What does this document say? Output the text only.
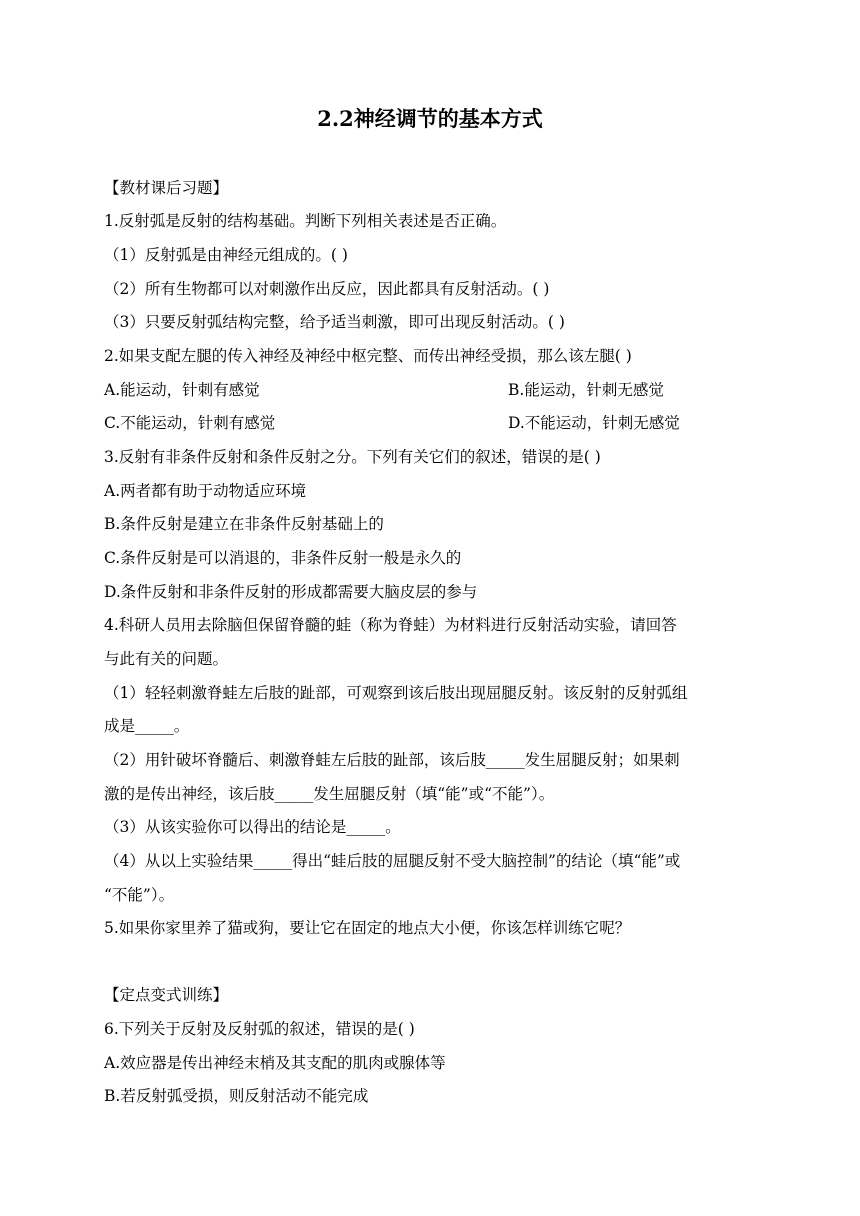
2.2神经调节的基本方式
【教材课后习题】
1.反射弧是反射的结构基础。判断下列相关表述是否正确。
（1）反射弧是由神经元组成的。( )
（2）所有生物都可以对刺激作出反应，因此都具有反射活动。( )
（3）只要反射弧结构完整，给予适当刺激，即可出现反射活动。( )
2.如果支配左腿的传入神经及神经中枢完整、而传出神经受损，那么该左腿( )
A.能运动，针刺有感觉	B.能运动，针刺无感觉
C.不能运动，针刺有感觉	D.不能运动，针刺无感觉
3.反射有非条件反射和条件反射之分。下列有关它们的叙述，错误的是( )
A.两者都有助于动物适应环境
B.条件反射是建立在非条件反射基础上的
C.条件反射是可以消退的，非条件反射一般是永久的
D.条件反射和非条件反射的形成都需要大脑皮层的参与
4.科研人员用去除脑但保留脊髓的蛙（称为脊蛙）为材料进行反射活动实验，请回答
与此有关的问题。
（1）轻轻刺激脊蛙左后肢的趾部，可观察到该后肢出现屈腿反射。该反射的反射弧组
成是_____。
（2）用针破坏脊髓后、刺激脊蛙左后肢的趾部，该后肢_____发生屈腿反射；如果刺
激的是传出神经，该后肢_____发生屈腿反射（填“能”或“不能”）。
（3）从该实验你可以得出的结论是_____。
（4）从以上实验结果_____得出“蛙后肢的屈腿反射不受大脑控制”的结论（填“能”或
“不能”）。
5.如果你家里养了猫或狗，要让它在固定的地点大小便，你该怎样训练它呢？
【定点变式训练】
6.下列关于反射及反射弧的叙述，错误的是( )
A.效应器是传出神经末梢及其支配的肌肉或腺体等
B.若反射弧受损，则反射活动不能完成
